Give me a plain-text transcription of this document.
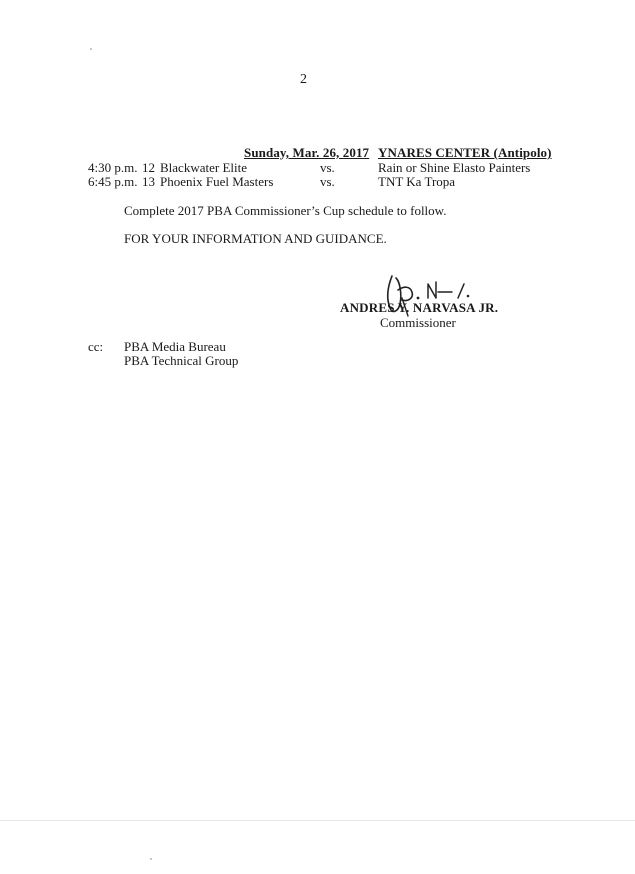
2
Sunday, Mar. 26, 2017 YNARES CENTER (Antipolo)
4:30 p.m. 12 Blackwater Elite	vs.	Rain or Shine Elasto Painters
6:45 p.m. 13 Phoenix Fuel Masters	vs.	TNT Ka Tropa
Complete 2017 PBA Commissioner’s Cup schedule to follow.
FOR YOUR INFORMATION AND GUIDANCE.
ANDRES Y. NARVASA JR.
Commissioner
cc: PBA Media Bureau
PBA Technical Group
